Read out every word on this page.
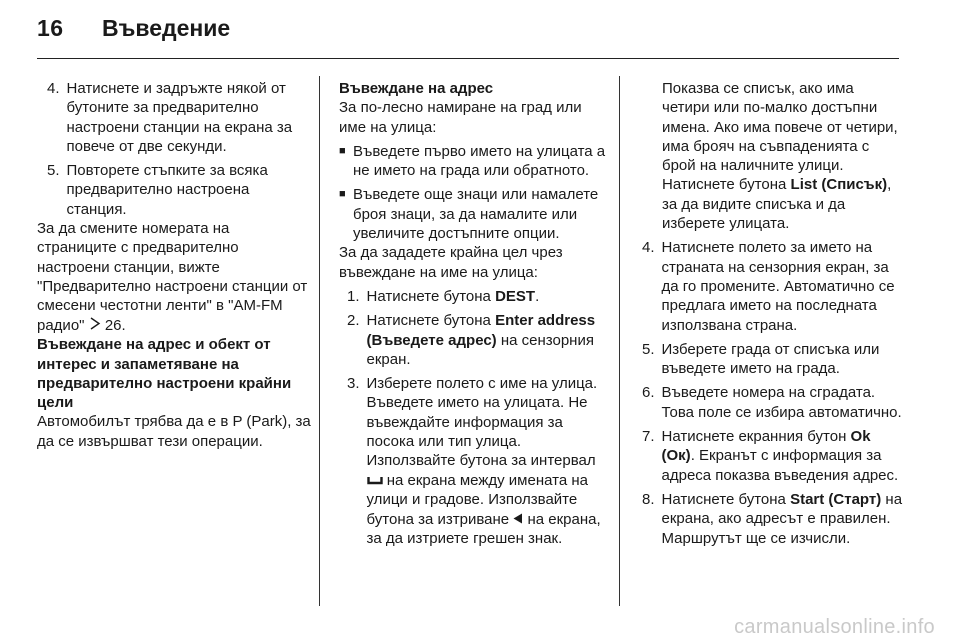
16 Въведение
4. Натиснете и задръжте някой от бутоните за предварително настроени станции на екрана за повече от две секунди.
5. Повторете стъпките за всяка предварително настроена станция.

За да смените номерата на страниците с предварително настроени станции, вижте "Предварително настроени станции от смесени честотни ленти" в "AM-FM радио" 26.

Въвеждане на адрес и обект от интерес и запаметяване на предварително настроени крайни цели

Автомобилът трябва да е в P (Park), за да се извършват тези операции.

Въвеждане на адрес

За по-лесно намиране на град или име на улица:

■ Въведете първо името на улицата а не името на града или обратното.
■ Въведете още знаци или намалете броя знаци, за да намалите или увеличите достъпните опции.

За да зададете крайна цел чрез въвеждане на име на улица:

1. Натиснете бутона DEST.
2. Натиснете бутона Enter address (Въведете адрес) на сензорния екран.
3. Изберете полето с име на улица. Въведете името на улицата. Не въвеждайте информация за посока или тип улица. Използвайте бутона за интервал  на екрана между имената на улици и градове. Използвайте бутона за изтриване на екрана, за да изтриете грешен знак.

Показва се списък, ако има четири или по-малко достъпни имена. Ако има повече от четири, има брояч на съвпаденията с брой на наличните улици. Натиснете бутона List (Списък), за да видите списъка и да изберете улицата.

4. Натиснете полето за името на страната на сензорния екран, за да го промените. Автоматично се предлага името на последната използвана страна.
5. Изберете града от списъка или въведете името на града.
6. Въведете номера на сградата. Това поле се избира автоматично.
7. Натиснете екранния бутон Ok (Ок). Екранът с информация за адреса показва въведения адрес.
8. Натиснете бутона Start (Старт) на екрана, ако адресът е правилен. Маршрутът ще се изчисли.
carmanualsonline.info
